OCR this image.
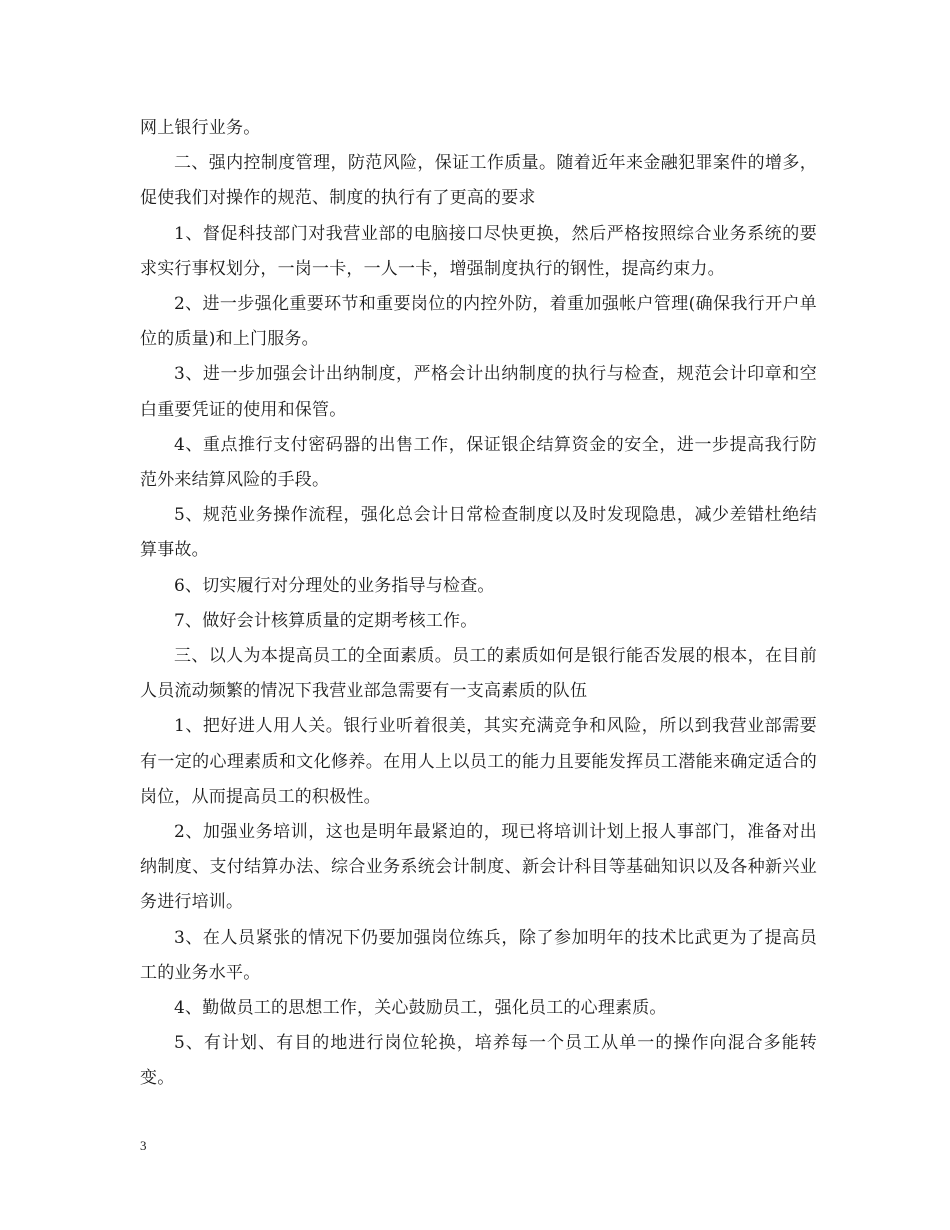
网上银行业务。

二、强内控制度管理，防范风险，保证工作质量。随着近年来金融犯罪案件的增多，促使我们对操作的规范、制度的执行有了更高的要求

1、督促科技部门对我营业部的电脑接口尽快更换，然后严格按照综合业务系统的要求实行事权划分，一岗一卡，一人一卡，增强制度执行的钢性，提高约束力。

2、进一步强化重要环节和重要岗位的内控外防，着重加强帐户管理(确保我行开户单位的质量)和上门服务。

3、进一步加强会计出纳制度，严格会计出纳制度的执行与检查，规范会计印章和空白重要凭证的使用和保管。

4、重点推行支付密码器的出售工作，保证银企结算资金的安全，进一步提高我行防范外来结算风险的手段。

5、规范业务操作流程，强化总会计日常检查制度以及时发现隐患，减少差错杜绝结算事故。

6、切实履行对分理处的业务指导与检查。

7、做好会计核算质量的定期考核工作。

三、以人为本提高员工的全面素质。员工的素质如何是银行能否发展的根本，在目前人员流动频繁的情况下我营业部急需要有一支高素质的队伍

1、把好进人用人关。银行业听着很美，其实充满竞争和风险，所以到我营业部需要有一定的心理素质和文化修养。在用人上以员工的能力且要能发挥员工潜能来确定适合的岗位，从而提高员工的积极性。

2、加强业务培训，这也是明年最紧迫的，现已将培训计划上报人事部门，准备对出纳制度、支付结算办法、综合业务系统会计制度、新会计科目等基础知识以及各种新兴业务进行培训。

3、在人员紧张的情况下仍要加强岗位练兵，除了参加明年的技术比武更为了提高员工的业务水平。

4、勤做员工的思想工作，关心鼓励员工，强化员工的心理素质。

5、有计划、有目的地进行岗位轮换，培养每一个员工从单一的操作向混合多能转变。

3
